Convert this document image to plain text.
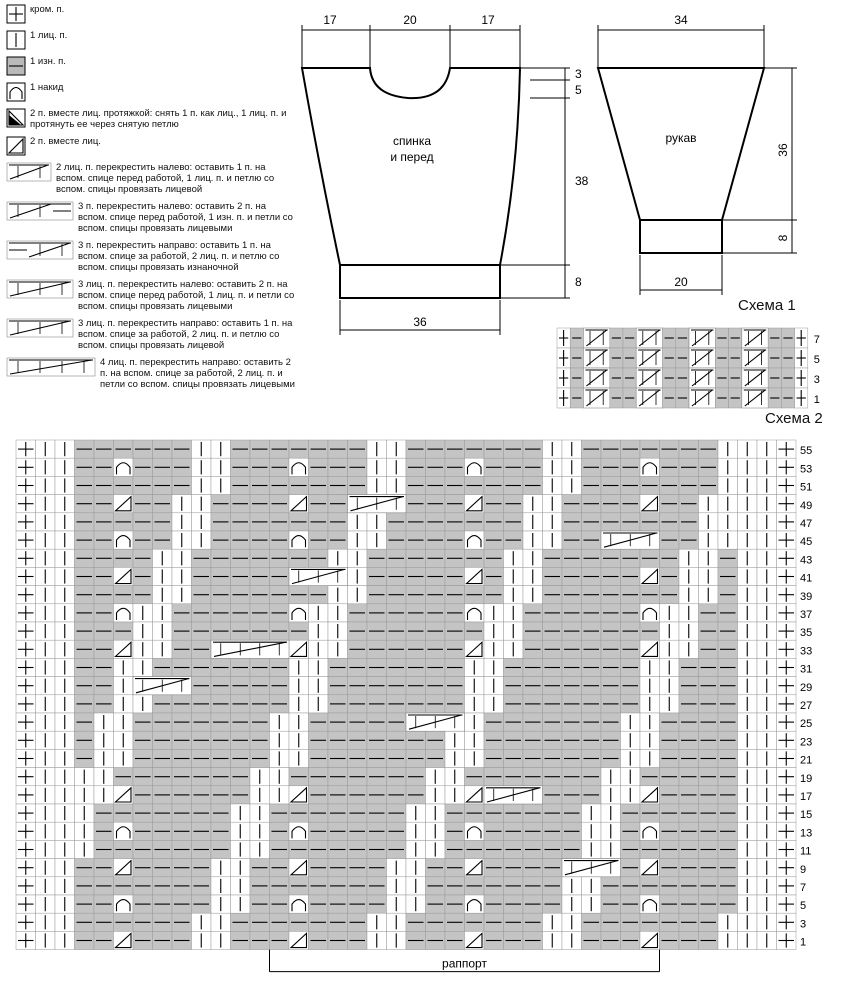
кром. п.
1 лиц. п.
1 изн. п.
1 накид
2 п. вместе лиц. протяжкой: снять 1 п. как лиц., 1 лиц. п. и протянуть ее через снятую петлю
2 п. вместе лиц.
2 лиц. п. перекрестить налево: оставить 1 п. на вспом. спице перед работой, 1 лиц. п. и петлю со вспом. спицы провязать лицевой
3 п. перекрестить налево: оставить 2 п. на вспом. спице перед работой, 1 изн. п. и петли со вспом. спицы провязать лицевыми
3 п. перекрестить направо: оставить 1 п. на вспом. спице за работой, 2 лиц. п. и петлю со вспом. спицы провязать изнаночной
3 лиц. п. перекрестить налево: оставить 2 п. на вспом. спице перед работой, 1 лиц. п. и петли со вспом. спицы провязать лицевыми
3 лиц. п. перекрестить направо: оставить 1 п. на вспом. спице за работой, 2 лиц. п. и петлю со вспом. спицы провязать лицевой
4 лиц. п. перекрестить направо: оставить 2 п. на вспом. спице за работой, 2 лиц. п. и петли со вспом. спицы провязать лицевыми
17	20	17
3
5
38
8
36
спинка
и перед
34
36
8
20
рукав
Схема 1
7
5
3
1
Схема 2
55
53
51
49
47
45
43
41
39
37
35
33
31
29
27
25
23
21
19
17
15
13
11
9
7
5
3
1
раппорт
